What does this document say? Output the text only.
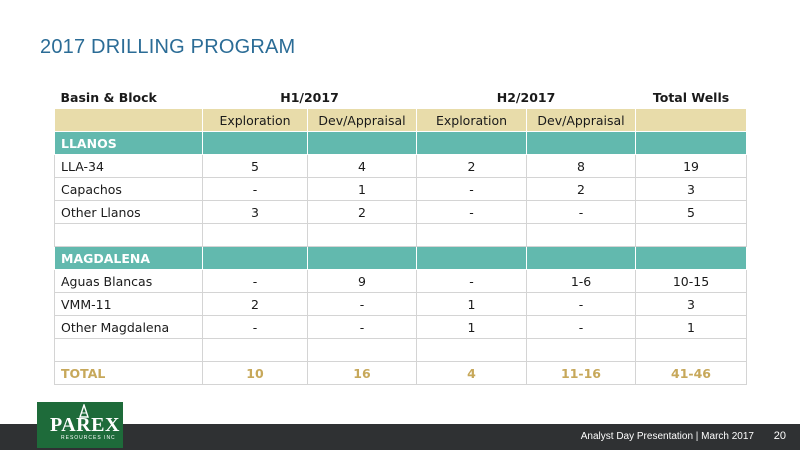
2017 DRILLING PROGRAM
Basin & Block	H1/2017		H2/2017		Total Wells
	Exploration	Dev/Appraisal	Exploration	Dev/Appraisal	
LLANOS					
LLA-34	5	4	2	8	19
Capachos	-	1	-	2	3
Other Llanos	3	2	-	-	5

MAGDALENA					
Aguas Blancas	-	9	-	1-6	10-15
VMM-11	2	-	1	-	3
Other Magdalena	-	-	1	-	1

TOTAL	10	16	4	11-16	41-46
Analyst Day Presentation | March 2017 20
PAREX
RESOURCES INC
